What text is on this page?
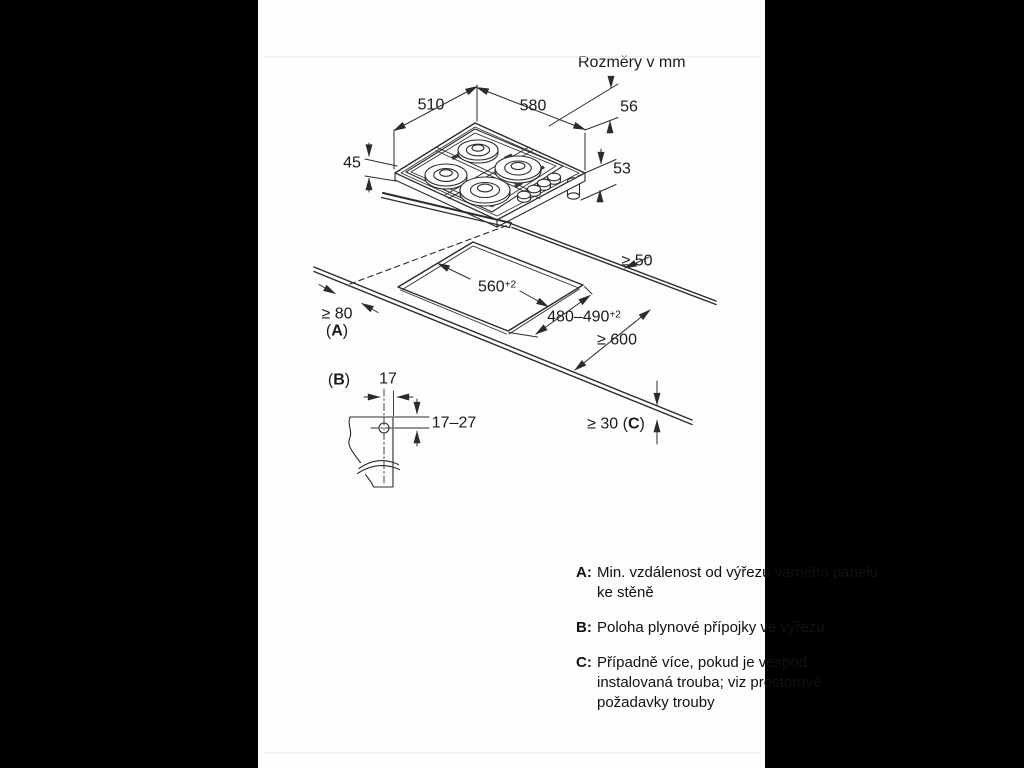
Rozměry v mm
A: Min. vzdálenost od výřezu varného panelu ke stěně
B: Poloha plynové přípojky ve výřezu
C: Případně více, pokud je vespod instalovaná trouba; viz prostorové požadavky trouby
510	580	56
45	53
$560^{+2}$
$480-490^{+2}$
≥ 50
≥ 80
(A)
≥ 600
(B) 17
17–27	≥ 30 (C)
